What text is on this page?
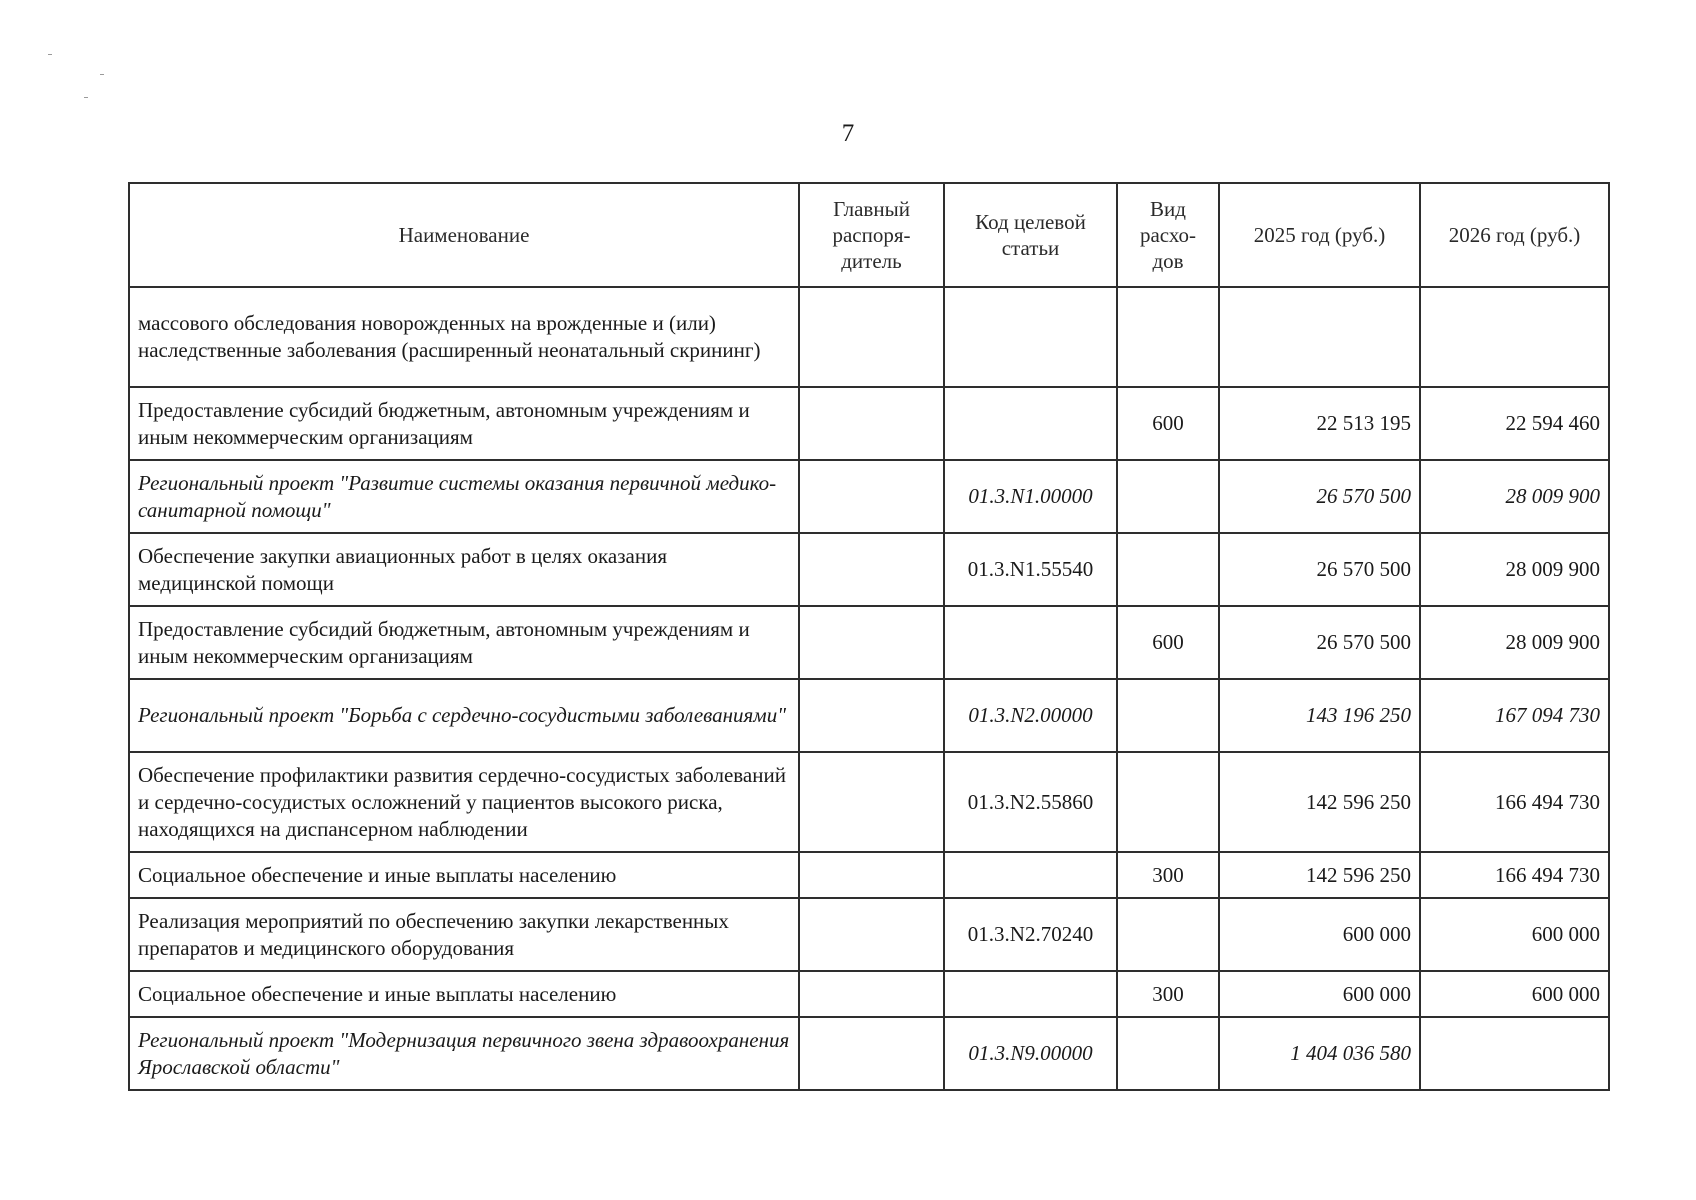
7
Наименование	Главный распоря-дитель	Код целевой статьи	Вид расхо-дов	2025 год (руб.)	2026 год (руб.)
массового обследования новорожденных на врожденные и (или) наследственные заболевания (расширенный неонатальный скрининг)					
Предоставление субсидий бюджетным, автономным учреждениям и иным некоммерческим организациям			600	22 513 195	22 594 460
Региональный проект "Развитие системы оказания первичной медико-санитарной помощи"		01.3.N1.00000		26 570 500	28 009 900
Обеспечение закупки авиационных работ в целях оказания медицинской помощи		01.3.N1.55540		26 570 500	28 009 900
Предоставление субсидий бюджетным, автономным учреждениям и иным некоммерческим организациям			600	26 570 500	28 009 900
Региональный проект "Борьба с сердечно-сосудистыми заболеваниями"		01.3.N2.00000		143 196 250	167 094 730
Обеспечение профилактики развития сердечно-сосудистых заболеваний и сердечно-сосудистых осложнений у пациентов высокого риска, находящихся на диспансерном наблюдении		01.3.N2.55860		142 596 250	166 494 730
Социальное обеспечение и иные выплаты населению			300	142 596 250	166 494 730
Реализация мероприятий по обеспечению закупки лекарственных препаратов и медицинского оборудования		01.3.N2.70240		600 000	600 000
Социальное обеспечение и иные выплаты населению			300	600 000	600 000
Региональный проект "Модернизация первичного звена здравоохранения Ярославской области"		01.3.N9.00000		1 404 036 580	
